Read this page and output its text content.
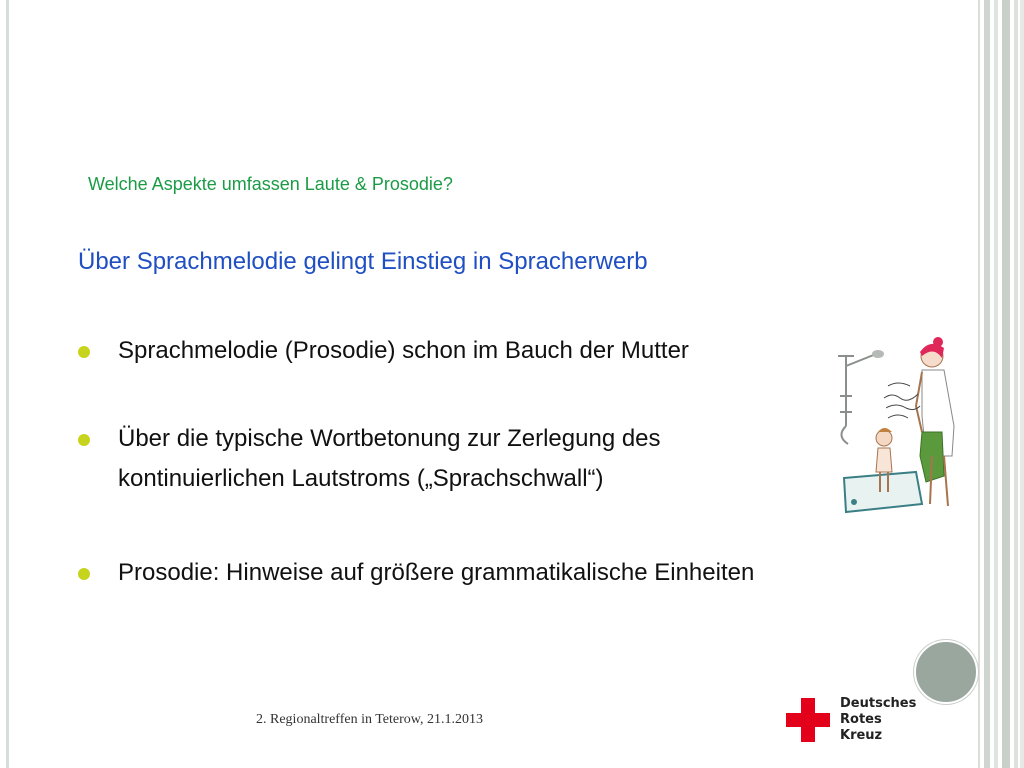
Welche Aspekte umfassen Laute & Prosodie?
Über Sprachmelodie gelingt Einstieg in Spracherwerb
Sprachmelodie (Prosodie) schon im Bauch der Mutter
Über die typische Wortbetonung zur Zerlegung des
kontinuierlichen Lautstroms („Sprachschwall“)
Prosodie: Hinweise auf größere grammatikalische Einheiten
2. Regionaltreffen in Teterow, 21.1.2013
Deutsches
Rotes
Kreuz
